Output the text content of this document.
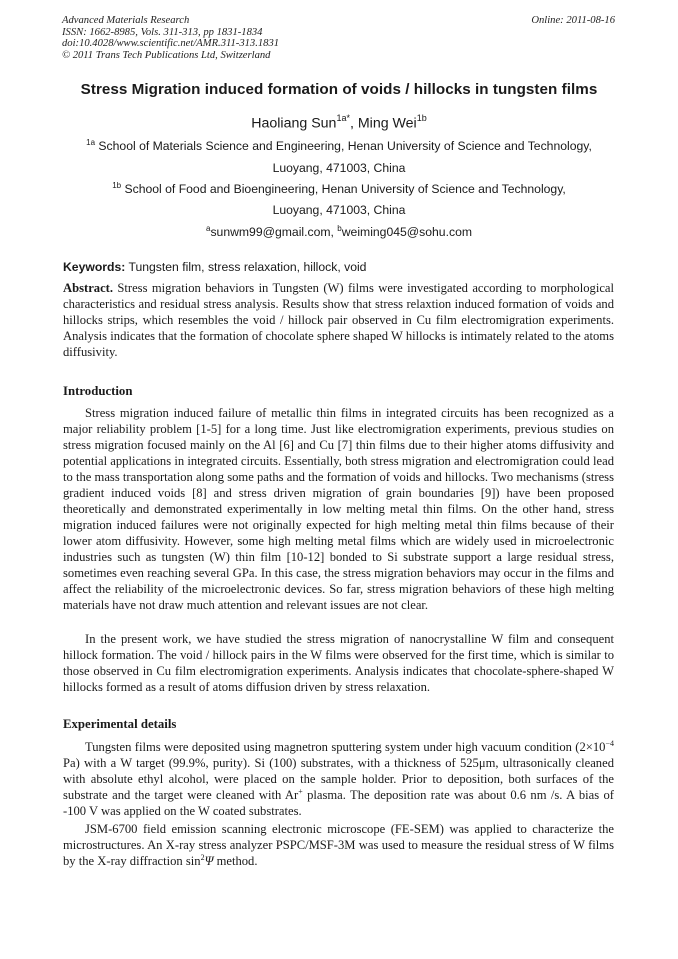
Advanced Materials Research
ISSN: 1662-8985, Vols. 311-313, pp 1831-1834
doi:10.4028/www.scientific.net/AMR.311-313.1831
© 2011 Trans Tech Publications Ltd, Switzerland
Online: 2011-08-16
Stress Migration induced formation of voids / hillocks in tungsten films
Haoliang Sun$^{1a*}$, Ming Wei$^{1b}$
$^{1a}$ School of Materials Science and Engineering, Henan University of Science and Technology,
Luoyang, 471003, China
$^{1b}$ School of Food and Bioengineering, Henan University of Science and Technology,
Luoyang, 471003, China
$^a$sunwm99@gmail.com, $^b$weiming045@sohu.com
Keywords: Tungsten film, stress relaxation, hillock, void
Abstract. Stress migration behaviors in Tungsten (W) films were investigated according to morphological characteristics and residual stress analysis. Results show that stress relaxtion induced formation of voids and hillocks strips, which resembles the void / hillock pair observed in Cu film electromigration experiments. Analysis indicates that the formation of chocolate sphere shaped W hillocks is intimately related to the atoms diffusivity.
Introduction
Stress migration induced failure of metallic thin films in integrated circuits has been recognized as a major reliability problem [1-5] for a long time. Just like electromigration experiments, previous studies on stress migration focused mainly on the Al [6] and Cu [7] thin films due to their higher atoms diffusivity and potential applications in integrated circuits. Essentially, both stress migration and electromigration could lead to the mass transportation along some paths and the formation of voids and hillocks. Two mechanisms (stress gradient induced voids [8] and stress driven migration of grain boundaries [9]) have been proposed theoretically and demonstrated experimentally in low melting metal thin films. On the other hand, stress migration induced failures were not originally expected for high melting metal thin films because of their lower atom diffusivity. However, some high melting metal films which are widely used in microelectronic industries such as tungsten (W) thin film [10-12] bonded to Si substrate support a large residual stress, sometimes even reaching several GPa. In this case, the stress migration behaviors may occur in the films and affect the reliability of the microelectronic devices. So far, stress migration behaviors of these high melting materials have not draw much attention and relevant issues are not clear.
In the present work, we have studied the stress migration of nanocrystalline W film and consequent hillock formation. The void / hillock pairs in the W films were observed for the first time, which is similar to those observed in Cu film electromigration experiments. Analysis indicates that chocolate-sphere-shaped W hillocks formed as a result of atoms diffusion driven by stress relaxation.
Experimental details
Tungsten films were deposited using magnetron sputtering system under high vacuum condition ($2\times 10^{-4}$ Pa) with a W target (99.9%, purity). Si (100) substrates, with a thickness of 525μm, ultrasonically cleaned with absolute ethyl alcohol, were placed on the sample holder. Prior to deposition, both surfaces of the substrate and the target were cleaned with Ar+ plasma. The deposition rate was about 0.6 nm /s. A bias of -100 V was applied on the W coated substrates.
JSM-6700 field emission scanning electronic microscope (FE-SEM) was applied to characterize the microstructures. An X-ray stress analyzer PSPC/MSF-3M was used to measure the residual stress of W films by the X-ray diffraction $\sin^2\Psi$ method.
